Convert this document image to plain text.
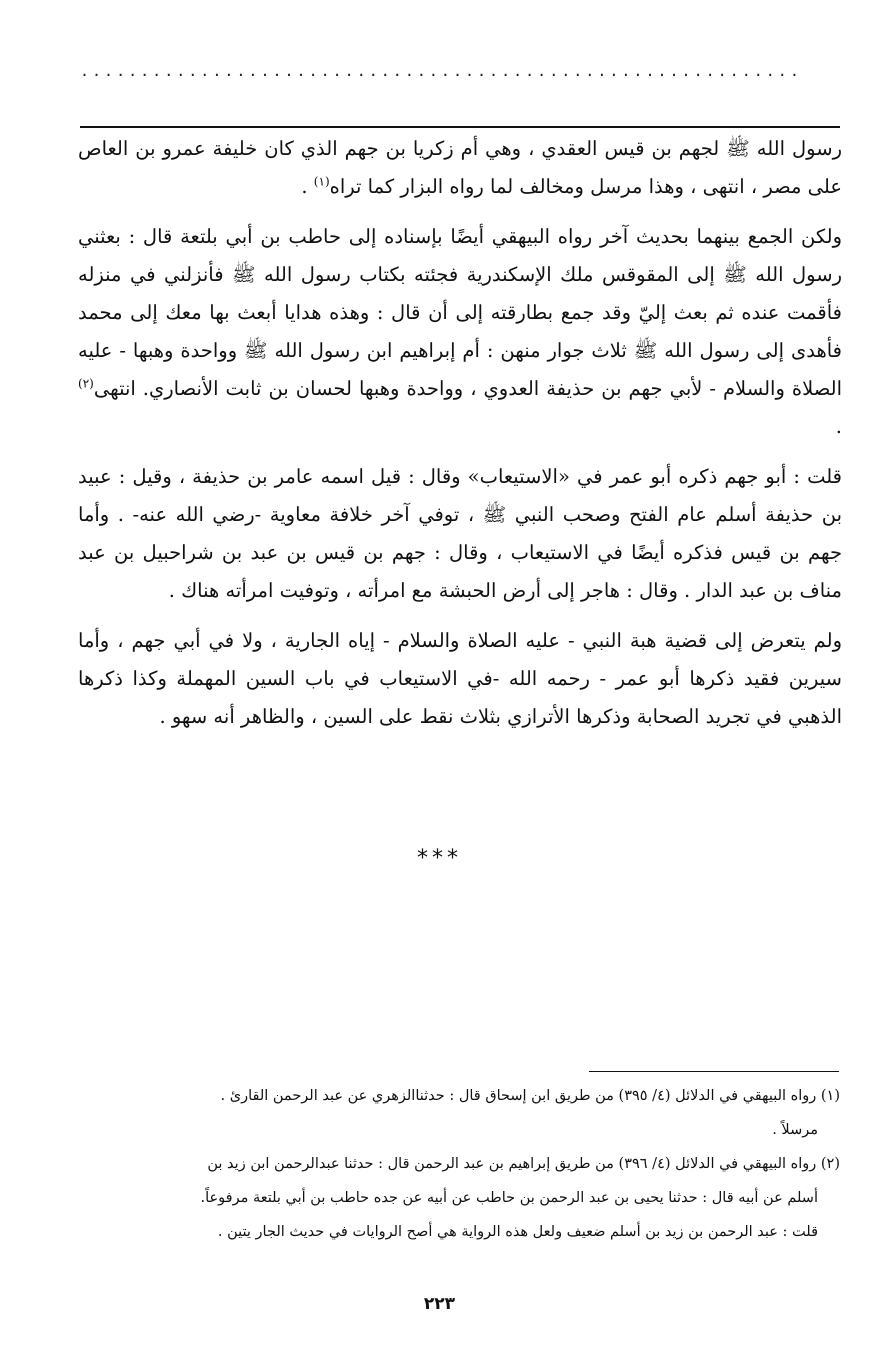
............................................................

رسول الله ﷺ لجهم بن قيس العقدي ، وهي أم زكريا بن جهم الذي كان خليفة عمرو بن العاص على مصر ، انتهى ، وهذا مرسل ومخالف لما رواه البزار كما تراه$^{(١)}$ .

ولكن الجمع بينهما بحديث آخر رواه البيهقي أيضًا بإسناده إلى حاطب بن أبي بلتعة قال : بعثني رسول الله ﷺ إلى المقوقس ملك الإسكندرية فجئته بكتاب رسول الله ﷺ فأنزلني في منزله فأقمت عنده ثم بعث إليّ وقد جمع بطارقته إلى أن قال : وهذه هدايا أبعث بها معك إلى محمد فأهدى إلى رسول الله ﷺ ثلاث جوار منهن : أم إبراهيم ابن رسول الله ﷺ وواحدة وهبها - عليه الصلاة والسلام - لأبي جهم بن حذيفة العدوي ، وواحدة وهبها لحسان بن ثابت الأنصاري. انتهى$^{(٢)}$ .

قلت : أبو جهم ذكره أبو عمر في «الاستيعاب» وقال : قيل اسمه عامر بن حذيفة ، وقيل : عبيد بن حذيفة أسلم عام الفتح وصحب النبي ﷺ ، توفي آخر خلافة معاوية -رضي الله عنه- . وأما جهم بن قيس فذكره أيضًا في الاستيعاب ، وقال : جهم بن قيس بن عبد بن شراحبيل بن عبد مناف بن عبد الدار . وقال : هاجر إلى أرض الحبشة مع امرأته ، وتوفيت امرأته هناك .

ولم يتعرض إلى قضية هبة النبي - عليه الصلاة والسلام - إياه الجارية ، ولا في أبي جهم ، وأما سيرين فقيد ذكرها أبو عمر - رحمه الله -في الاستيعاب في باب السين المهملة وكذا ذكرها الذهبي في تجريد الصحابة وذكرها الأترازي بثلاث نقط على السين ، والظاهر أنه سهو .

***
(١) رواه البيهقي في الدلائل (٤/ ٣٩٥) من طريق ابن إسحاق قال : حدثناالزهري عن عبد الرحمن القارئ .
مرسلاً .
(٢) رواه البيهقي في الدلائل (٤/ ٣٩٦) من طريق إبراهيم بن عبد الرحمن قال : حدثنا عبدالرحمن ابن زيد بن
أسلم عن أبيه قال : حدثنا يحيى بن عبد الرحمن بن حاطب عن أبيه عن جده حاطب بن أبي بلتعة مرفوعاً.
قلت : عبد الرحمن بن زيد بن أسلم ضعيف ولعل هذه الرواية هي أصح الروايات في حديث الجار يتين .
٢٢٣
